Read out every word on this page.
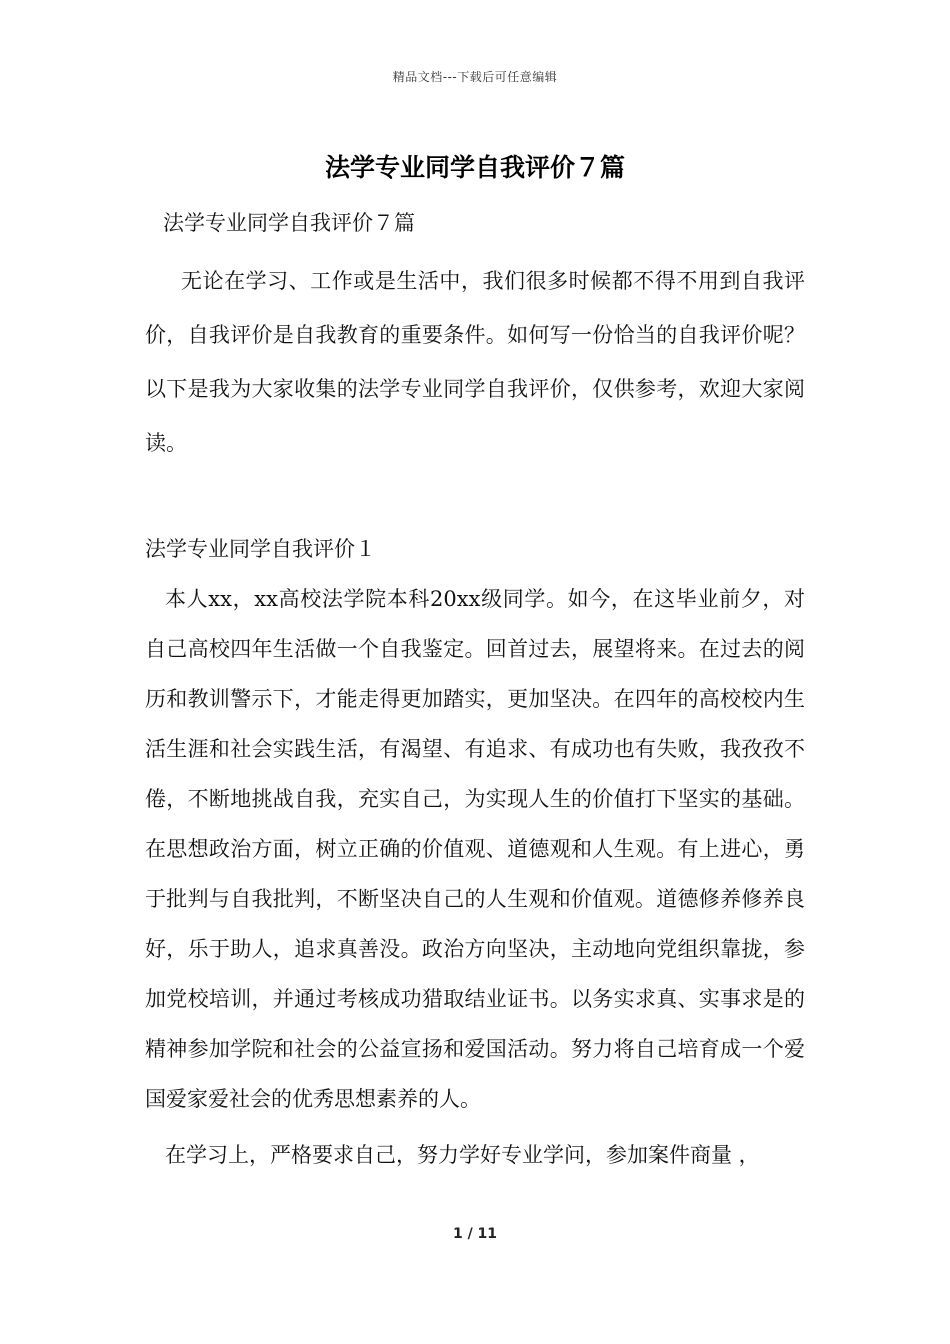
精品文档---下载后可任意编辑
法学专业同学自我评价７篇

法学专业同学自我评价７篇

无论在学习、工作或是生活中，我们很多时候都不得不用到自我评价，自我评价是自我教育的重要条件。如何写一份恰当的自我评价呢？以下是我为大家收集的法学专业同学自我评价，仅供参考，欢迎大家阅读。

法学专业同学自我评价１

本人xx，xx高校法学院本科20xx级同学。如今，在这毕业前夕，对自己高校四年生活做一个自我鉴定。回首过去，展望将来。在过去的阅历和教训警示下，才能走得更加踏实，更加坚决。在四年的高校校内生活生涯和社会实践生活，有渴望、有追求、有成功也有失败，我孜孜不倦，不断地挑战自我，充实自己，为实现人生的价值打下坚实的基础。在思想政治方面，树立正确的价值观、道德观和人生观。有上进心，勇于批判与自我批判，不断坚决自己的人生观和价值观。道德修养修养良好，乐于助人，追求真善没。政治方向坚决，主动地向党组织靠拢，参加党校培训，并通过考核成功猎取结业证书。以务实求真、实事求是的精神参加学院和社会的公益宣扬和爱国活动。努力将自己培育成一个爱国爱家爱社会的优秀思想素养的人。

在学习上，严格要求自己，努力学好专业学问，参加案件商量 ，

1 / 11
